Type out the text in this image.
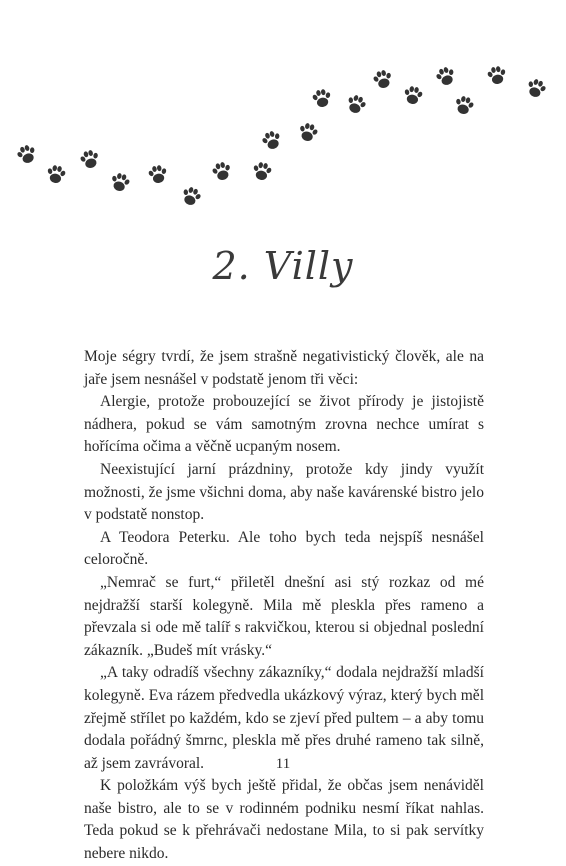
2. Villy

Moje ségry tvrdí, že jsem strašně negativistický člověk, ale na jaře jsem nesnášel v podstatě jenom tři věci:

Alergie, protože probouzející se život přírody je jistojistě nádhera, pokud se vám samotným zrovna nechce umírat s hořícíma očima a věčně ucpaným nosem.

Neexistující jarní prázdniny, protože kdy jindy využít možnosti, že jsme všichni doma, aby naše kavárenské bistro jelo v podstatě nonstop.

A Teodora Peterku. Ale toho bych teda nejspíš nesnášel celoročně.

„Nemrač se furt,“ přiletěl dnešní asi stý rozkaz od mé nejdražší starší kolegyně. Mila mě pleskla přes rameno a převzala si ode mě talíř s rakvičkou, kterou si objednal poslední zákazník. „Budeš mít vrásky.“

„A taky odradíš všechny zákazníky,“ dodala nejdražší mladší kolegyně. Eva rázem předvedla ukázkový výraz, který bych měl zřejmě střílet po každém, kdo se zjeví před pultem – a aby tomu dodala pořádný šmrnc, pleskla mě přes druhé rameno tak silně, až jsem zavrávoral.

K položkám výš bych ještě přidal, že občas jsem nenáviděl naše bistro, ale to se v rodinném podniku nesmí říkat nahlas. Teda pokud se k přehrávači nedostane Mila, to si pak servítky nebere nikdo.

11
